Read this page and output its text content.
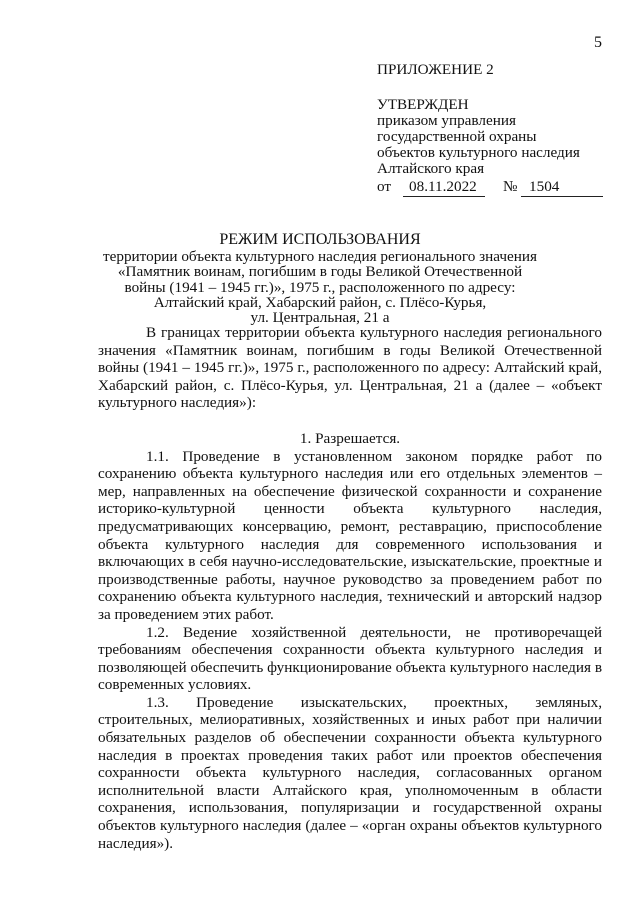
5
ПРИЛОЖЕНИЕ 2
УТВЕРЖДЕН
приказом управления
государственной охраны
объектов культурного наследия
Алтайского края
от 08.11.2022 № 1504
РЕЖИМ ИСПОЛЬЗОВАНИЯ
территории объекта культурного наследия регионального значения
«Памятник воинам, погибшим в годы Великой Отечественной
войны (1941 – 1945 гг.)», 1975 г., расположенного по адресу:
Алтайский край, Хабарский район, с. Плёсо-Курья,
ул. Центральная, 21 а
В границах территории объекта культурного наследия регионального значения «Памятник воинам, погибшим в годы Великой Отечественной войны (1941 – 1945 гг.)», 1975 г., расположенного по адресу: Алтайский край, Хабарский район, с. Плёсо-Курья, ул. Центральная, 21 а (далее – «объект культурного наследия»):
1. Разрешается.
1.1. Проведение в установленном законом порядке работ по сохранению объекта культурного наследия или его отдельных элементов – мер, направленных на обеспечение физической сохранности и сохранение историко-культурной ценности объекта культурного наследия, предусматривающих консервацию, ремонт, реставрацию, приспособление объекта культурного наследия для современного использования и включающих в себя научно-исследовательские, изыскательские, проектные и производственные работы, научное руководство за проведением работ по сохранению объекта культурного наследия, технический и авторский надзор за проведением этих работ.
1.2. Ведение хозяйственной деятельности, не противоречащей требованиям обеспечения сохранности объекта культурного наследия и позволяющей обеспечить функционирование объекта культурного наследия в современных условиях.
1.3. Проведение изыскательских, проектных, земляных, строительных, мелиоративных, хозяйственных и иных работ при наличии обязательных разделов об обеспечении сохранности объекта культурного наследия в проектах проведения таких работ или проектов обеспечения сохранности объекта культурного наследия, согласованных органом исполнительной власти Алтайского края, уполномоченным в области сохранения, использования, популяризации и государственной охраны объектов культурного наследия (далее – «орган охраны объектов культурного наследия»).
